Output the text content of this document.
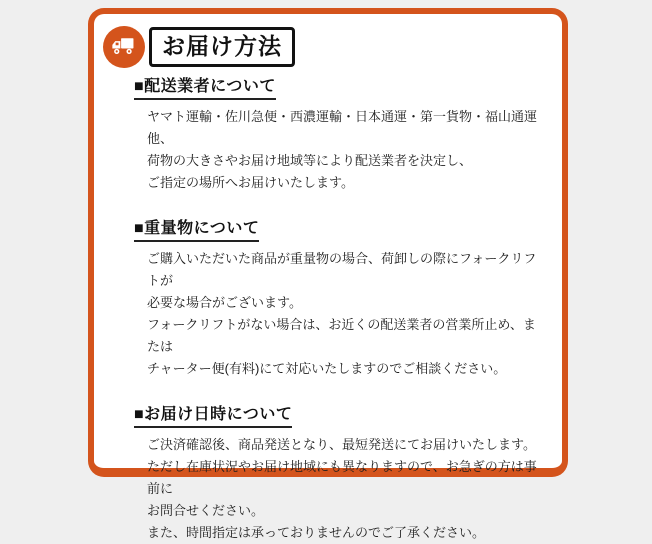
お届け方法
■配送業者について
ヤマト運輸・佐川急便・西濃運輸・日本通運・第一貨物・福山通運他、
荷物の大きさやお届け地域等により配送業者を決定し、
ご指定の場所へお届けいたします。
■重量物について
ご購入いただいた商品が重量物の場合、荷卸しの際にフォークリフトが
必要な場合がございます。
フォークリフトがない場合は、お近くの配送業者の営業所止め、または
チャーター便(有料)にて対応いたしますのでご相談ください。
■お届け日時について
ご決済確認後、商品発送となり、最短発送にてお届けいたします。
ただし在庫状況やお届け地域にも異なりますので、お急ぎの方は事前に
お問合せください。
また、時間指定は承っておりませんのでご了承ください。
